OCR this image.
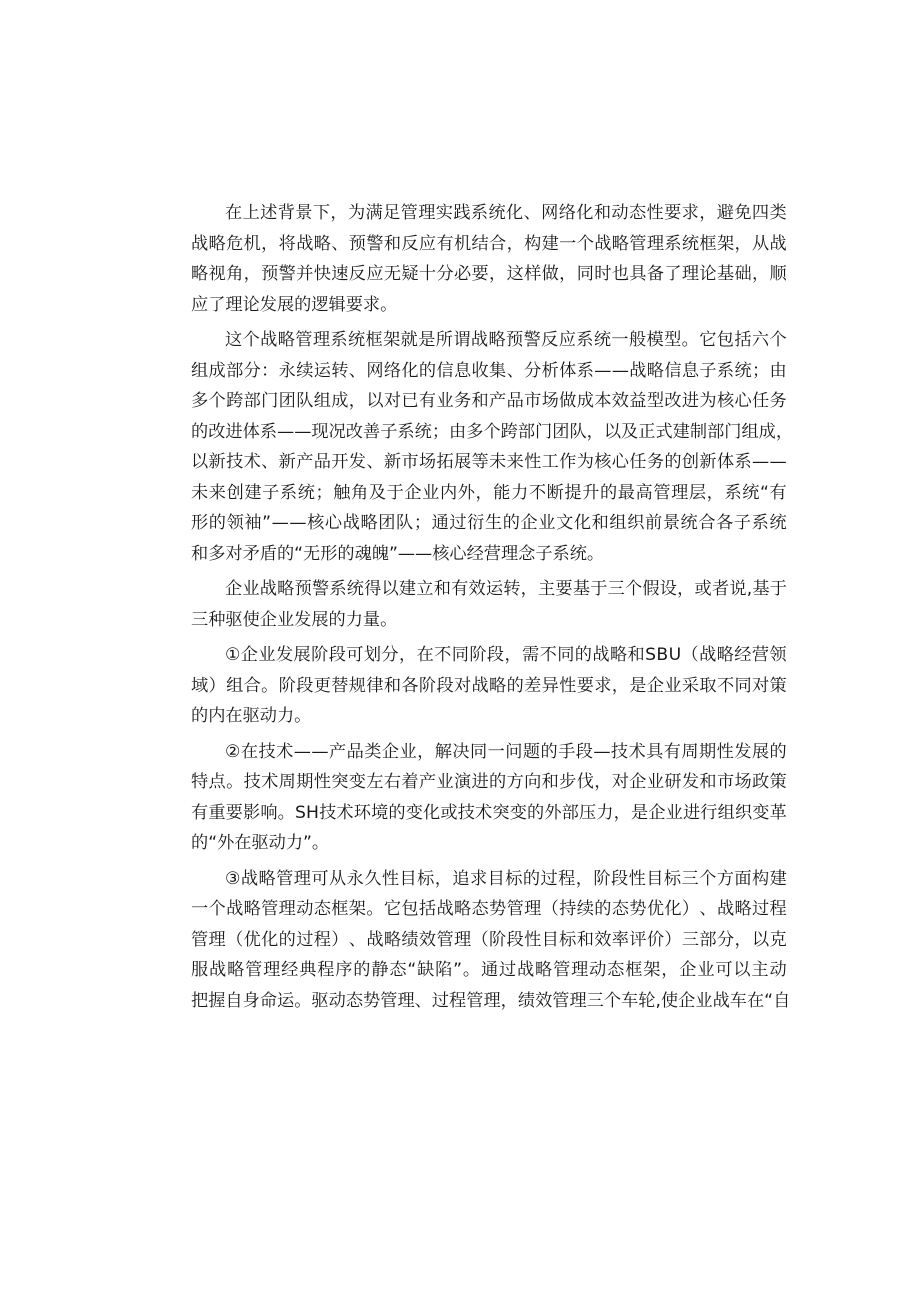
在 上 述 背 景 下 ， 为 满 足 管 理 实 践 系 统 化 、 网 络 化 和 动 态 性 要 求 ， 避 免 四 类
战 略 危 机 ， 将 战 略 、 预 警 和 反 应 有 机 结 合 ， 构 建 一 个 战 略 管 理 系 统 框 架 ， 从 战
略 视 角 ， 预 警 并 快 速 反 应 无 疑 十 分 必 要 ， 这 样 做 ， 同 时 也 具 备 了 理 论 基 础 ， 顺
应了理论发展的逻辑要求。
这 个 战 略 管 理 系 统 框 架 就 是 所 谓 战 略 预 警 反 应 系 统 一 般 模 型 。 它 包 括 六 个
组 成 部 分 ： 永 续 运 转 、 网 络 化 的 信 息 收 集 、 分 析 体 系 — — 战 略 信 息 子 系 统 ； 由
多 个 跨 部 门 团 队 组 成 ， 以 对 已 有 业 务 和 产 品 市 场 做 成 本 效 益 型 改 进 为 核 心 任 务
的 改 进 体 系 — — 现 况 改 善 子 系 统 ； 由 多 个 跨 部 门 团 队 ， 以 及 正 式 建 制 部 门 组 成 ，
以 新 技 术 、 新 产 品 开 发 、 新 市 场 拓 展 等 未 来 性 工 作 为 核 心 任 务 的 创 新 体 系 — —
未 来 创 建 子 系 统 ； 触 角 及 于 企 业 内 外 ， 能 力 不 断 提 升 的 最 高 管 理 层 ， 系 统 “ 有
形 的 领 袖 ” — — 核 心 战 略 团 队 ； 通 过 衍 生 的 企 业 文 化 和 组 织 前 景 统 合 各 子 系 统
和多对矛盾的“无形的魂魄”——核心经营理念子系统。
企 业 战 略 预 警 系 统 得 以 建 立 和 有 效 运 转 ， 主 要 基 于 三 个 假 设 ， 或 者 说 , 基 于
三种驱使企业发展的力量。
① 企 业 发 展 阶 段 可 划 分 ， 在 不 同 阶 段 ， 需 不 同 的 战 略 和 S B U （ 战 略 经 营 领
域 ） 组 合 。 阶 段 更 替 规 律 和 各 阶 段 对 战 略 的 差 异 性 要 求 ， 是 企 业 采 取 不 同 对 策
的内在驱动力。
② 在 技 术 — — 产 品 类 企 业 ， 解 决 同 一 问 题 的 手 段 — 技 术 具 有 周 期 性 发 展 的
特 点 。 技 术 周 期 性 突 变 左 右 着 产 业 演 进 的 方 向 和 步 伐 ， 对 企 业 研 发 和 市 场 政 策
有 重 要 影 响 。 S H 技 术 环 境 的 变 化 或 技 术 突 变 的 外 部 压 力 ， 是 企 业 进 行 组 织 变 革
的“外在驱动力”。
③ 战 略 管 理 可 从 永 久 性 目 标 ， 追 求 目 标 的 过 程 ， 阶 段 性 目 标 三 个 方 面 构 建
一 个 战 略 管 理 动 态 框 架 。 它 包 括 战 略 态 势 管 理 （ 持 续 的 态 势 优 化 ） 、 战 略 过 程
管 理 （ 优 化 的 过 程 ） 、 战 略 绩 效 管 理 （ 阶 段 性 目 标 和 效 率 评 价 ） 三 部 分 ， 以 克
服 战 略 管 理 经 典 程 序 的 静 态 “ 缺 陷 ” 。 通 过 战 略 管 理 动 态 框 架 ， 企 业 可 以 主 动
把 握 自 身 命 运 。 驱 动 态 势 管 理 、 过 程 管 理 ， 绩 效 管 理 三 个 车 轮 , 使 企 业 战 车 在 “ 自
